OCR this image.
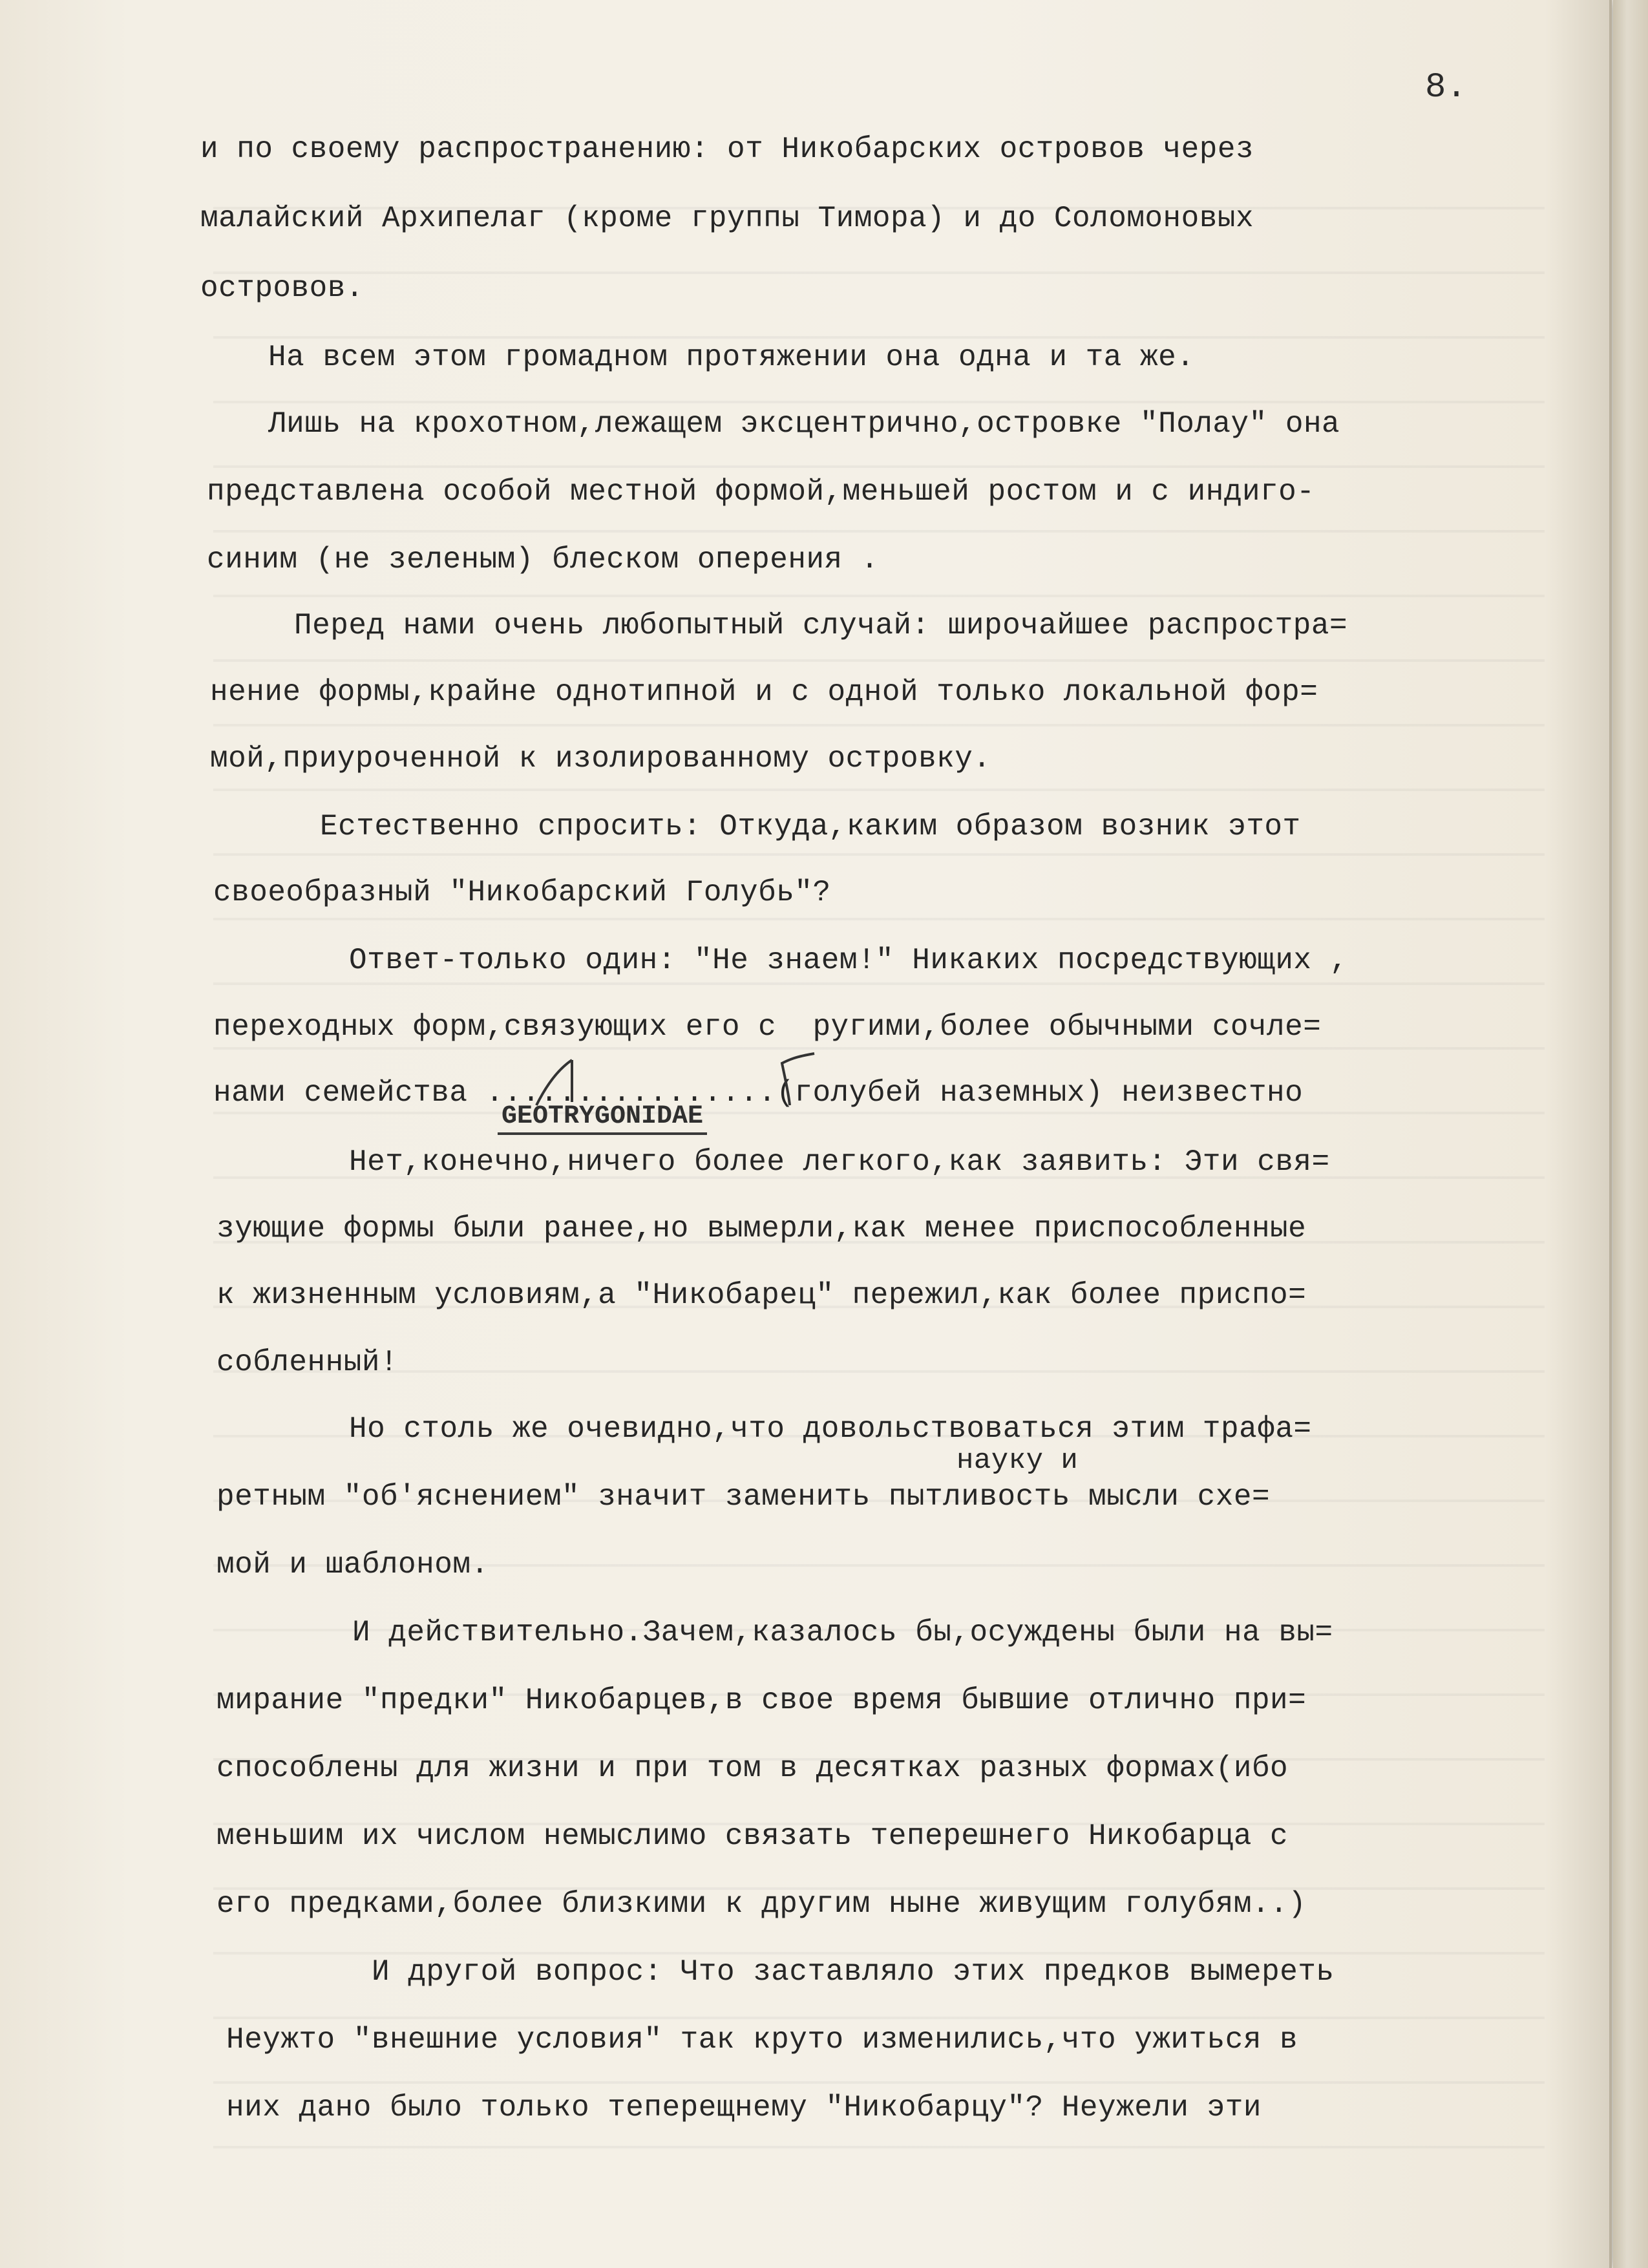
8.
и по своему распространению: от Никобарских островов через
малайский Архипелаг (кроме группы Тимора) и до Соломоновых
островов.
На всем этом громадном протяжении она одна и та же.
Лишь на крохотном,лежащем эксцентрично,островке "Полау" она
представлена особой местной формой,меньшей ростом и с индиго-
синим (не зеленым) блеском оперения .
Перед нами очень любопытный случай: широчайшее распростра=
нение формы,крайне однотипной и с одной только локальной фор=
мой,приуроченной к изолированному островку.
Естественно спросить: Откуда,каким образом возник этот
своеобразный "Никобарский Голубь"?
Ответ-только один: "Не знаем!" Никаких посредствующих ,
переходных форм,связующих его с  ругими,более обычными сочле=
нами семейства ................(голубей наземных) неизвестно
GEOTRYGONIDAE
Нет,конечно,ничего более легкого,как заявить: Эти свя=
зующие формы были ранее,но вымерли,как менее приспособленные
к жизненным условиям,а "Никобарец" пережил,как более приспо=
собленный!
Но столь же очевидно,что довольствоваться этим трафа=
науку и
ретным "об'яснением" значит заменить пытливость мысли схе=
мой и шаблоном.
И действительно.Зачем,казалось бы,осуждены были на вы=
мирание "предки" Никобарцев,в свое время бывшие отлично при=
способлены для жизни и при том в десятках разных формах(ибо
меньшим их числом немыслимо связать теперешнего Никобарца с
его предками,более близкими к другим ныне живущим голубям..)
И другой вопрос: Что заставляло этих предков вымереть
Неужто "внешние условия" так круто изменились,что ужиться в
них дано было только теперещнему "Никобарцу"? Неужели эти
